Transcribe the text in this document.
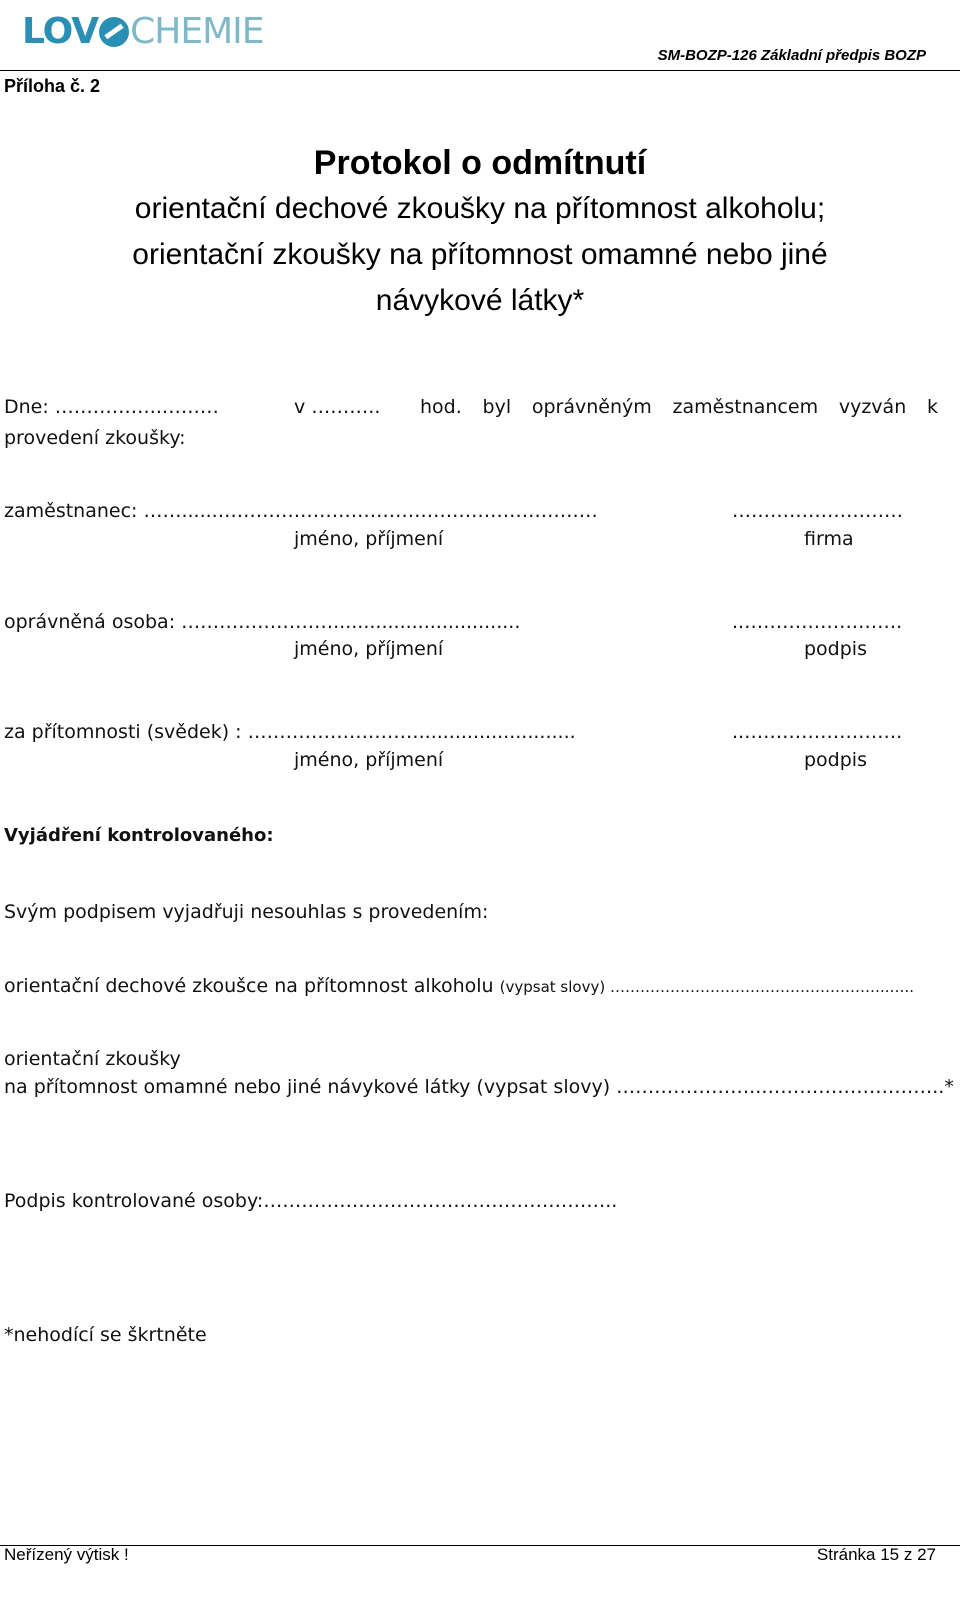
LOV CHEMIE
SM-BOZP-126 Základní předpis BOZP
Příloha č. 2
Protokol o odmítnutí
orientační dechové zkoušky na přítomnost alkoholu;
orientační zkoušky na přítomnost omamné nebo jiné
návykové látky*
Dne: ……………..………	v ……….. hod. byl oprávněným zaměstnancem vyzván k
provedení zkoušky:
zaměstnanec: ……......……………………………………………………	………………………
jméno, příjmení	firma
oprávněná osoba: ……………………...............................	..…………………….
jméno, příjmení	podpis
za přítomnosti (svědek) : ………………………..........................	..…………………….
jméno, příjmení	podpis
Vyjádření kontrolovaného:
Svým podpisem vyjadřuji nesouhlas s provedením:
orientační dechové zkoušce na přítomnost alkoholu (vypsat slovy) ………………………………………………..…..
orientační zkoušky
na přítomnost omamné nebo jiné návykové látky (vypsat slovy) …………………..………………………..*
Podpis kontrolované osoby:………………………………………………..
*nehodící se škrtněte
Neřízený výtisk !	Stránka 15 z 27
